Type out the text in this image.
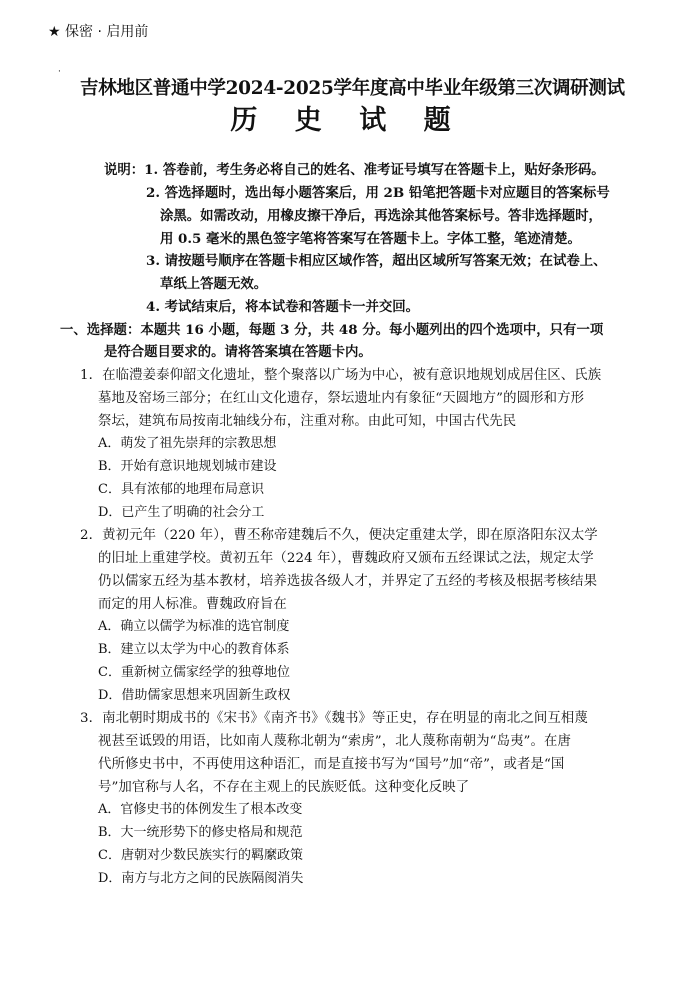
★ 保密 · 启用前
·
吉林地区普通中学2024-2025学年度高中毕业年级第三次调研测试
历 史 试 题
说明：1. 答卷前，考生务必将自己的姓名、准考证号填写在答题卡上，贴好条形码。
2. 答选择题时，选出每小题答案后，用 2B 铅笔把答题卡对应题目的答案标号
涂黑。如需改动，用橡皮擦干净后，再选涂其他答案标号。答非选择题时，
用 0.5 毫米的黑色签字笔将答案写在答题卡上。字体工整，笔迹清楚。
3. 请按题号顺序在答题卡相应区域作答，超出区域所写答案无效；在试卷上、
草纸上答题无效。
4. 考试结束后，将本试卷和答题卡一并交回。
一、选择题：本题共 16 小题，每题 3 分，共 48 分。每小题列出的四个选项中，只有一项
是符合题目要求的。请将答案填在答题卡内。
1．在临澧姜泰仰韶文化遗址，整个聚落以广场为中心，被有意识地规划成居住区、氏族
墓地及窑场三部分；在红山文化遗存，祭坛遗址内有象征“天圆地方”的圆形和方形
祭坛，建筑布局按南北轴线分布，注重对称。由此可知，中国古代先民
A．萌发了祖先崇拜的宗教思想
B．开始有意识地规划城市建设
C．具有浓郁的地理布局意识
D．已产生了明确的社会分工
2．黄初元年（220 年），曹丕称帝建魏后不久，便决定重建太学，即在原洛阳东汉太学
的旧址上重建学校。黄初五年（224 年），曹魏政府又颁布五经课试之法，规定太学
仍以儒家五经为基本教材，培养选拔各级人才，并界定了五经的考核及根据考核结果
而定的用人标准。曹魏政府旨在
A．确立以儒学为标准的选官制度
B．建立以太学为中心的教育体系
C．重新树立儒家经学的独尊地位
D．借助儒家思想来巩固新生政权
3．南北朝时期成书的《宋书》《南齐书》《魏书》等正史，存在明显的南北之间互相蔑
视甚至诋毁的用语，比如南人蔑称北朝为“索虏”，北人蔑称南朝为“岛夷”。在唐
代所修史书中，不再使用这种语汇，而是直接书写为“国号”加“帝”，或者是“国
号”加官称与人名，不存在主观上的民族贬低。这种变化反映了
A．官修史书的体例发生了根本改变
B．大一统形势下的修史格局和规范
C．唐朝对少数民族实行的羁縻政策
D．南方与北方之间的民族隔阂消失
